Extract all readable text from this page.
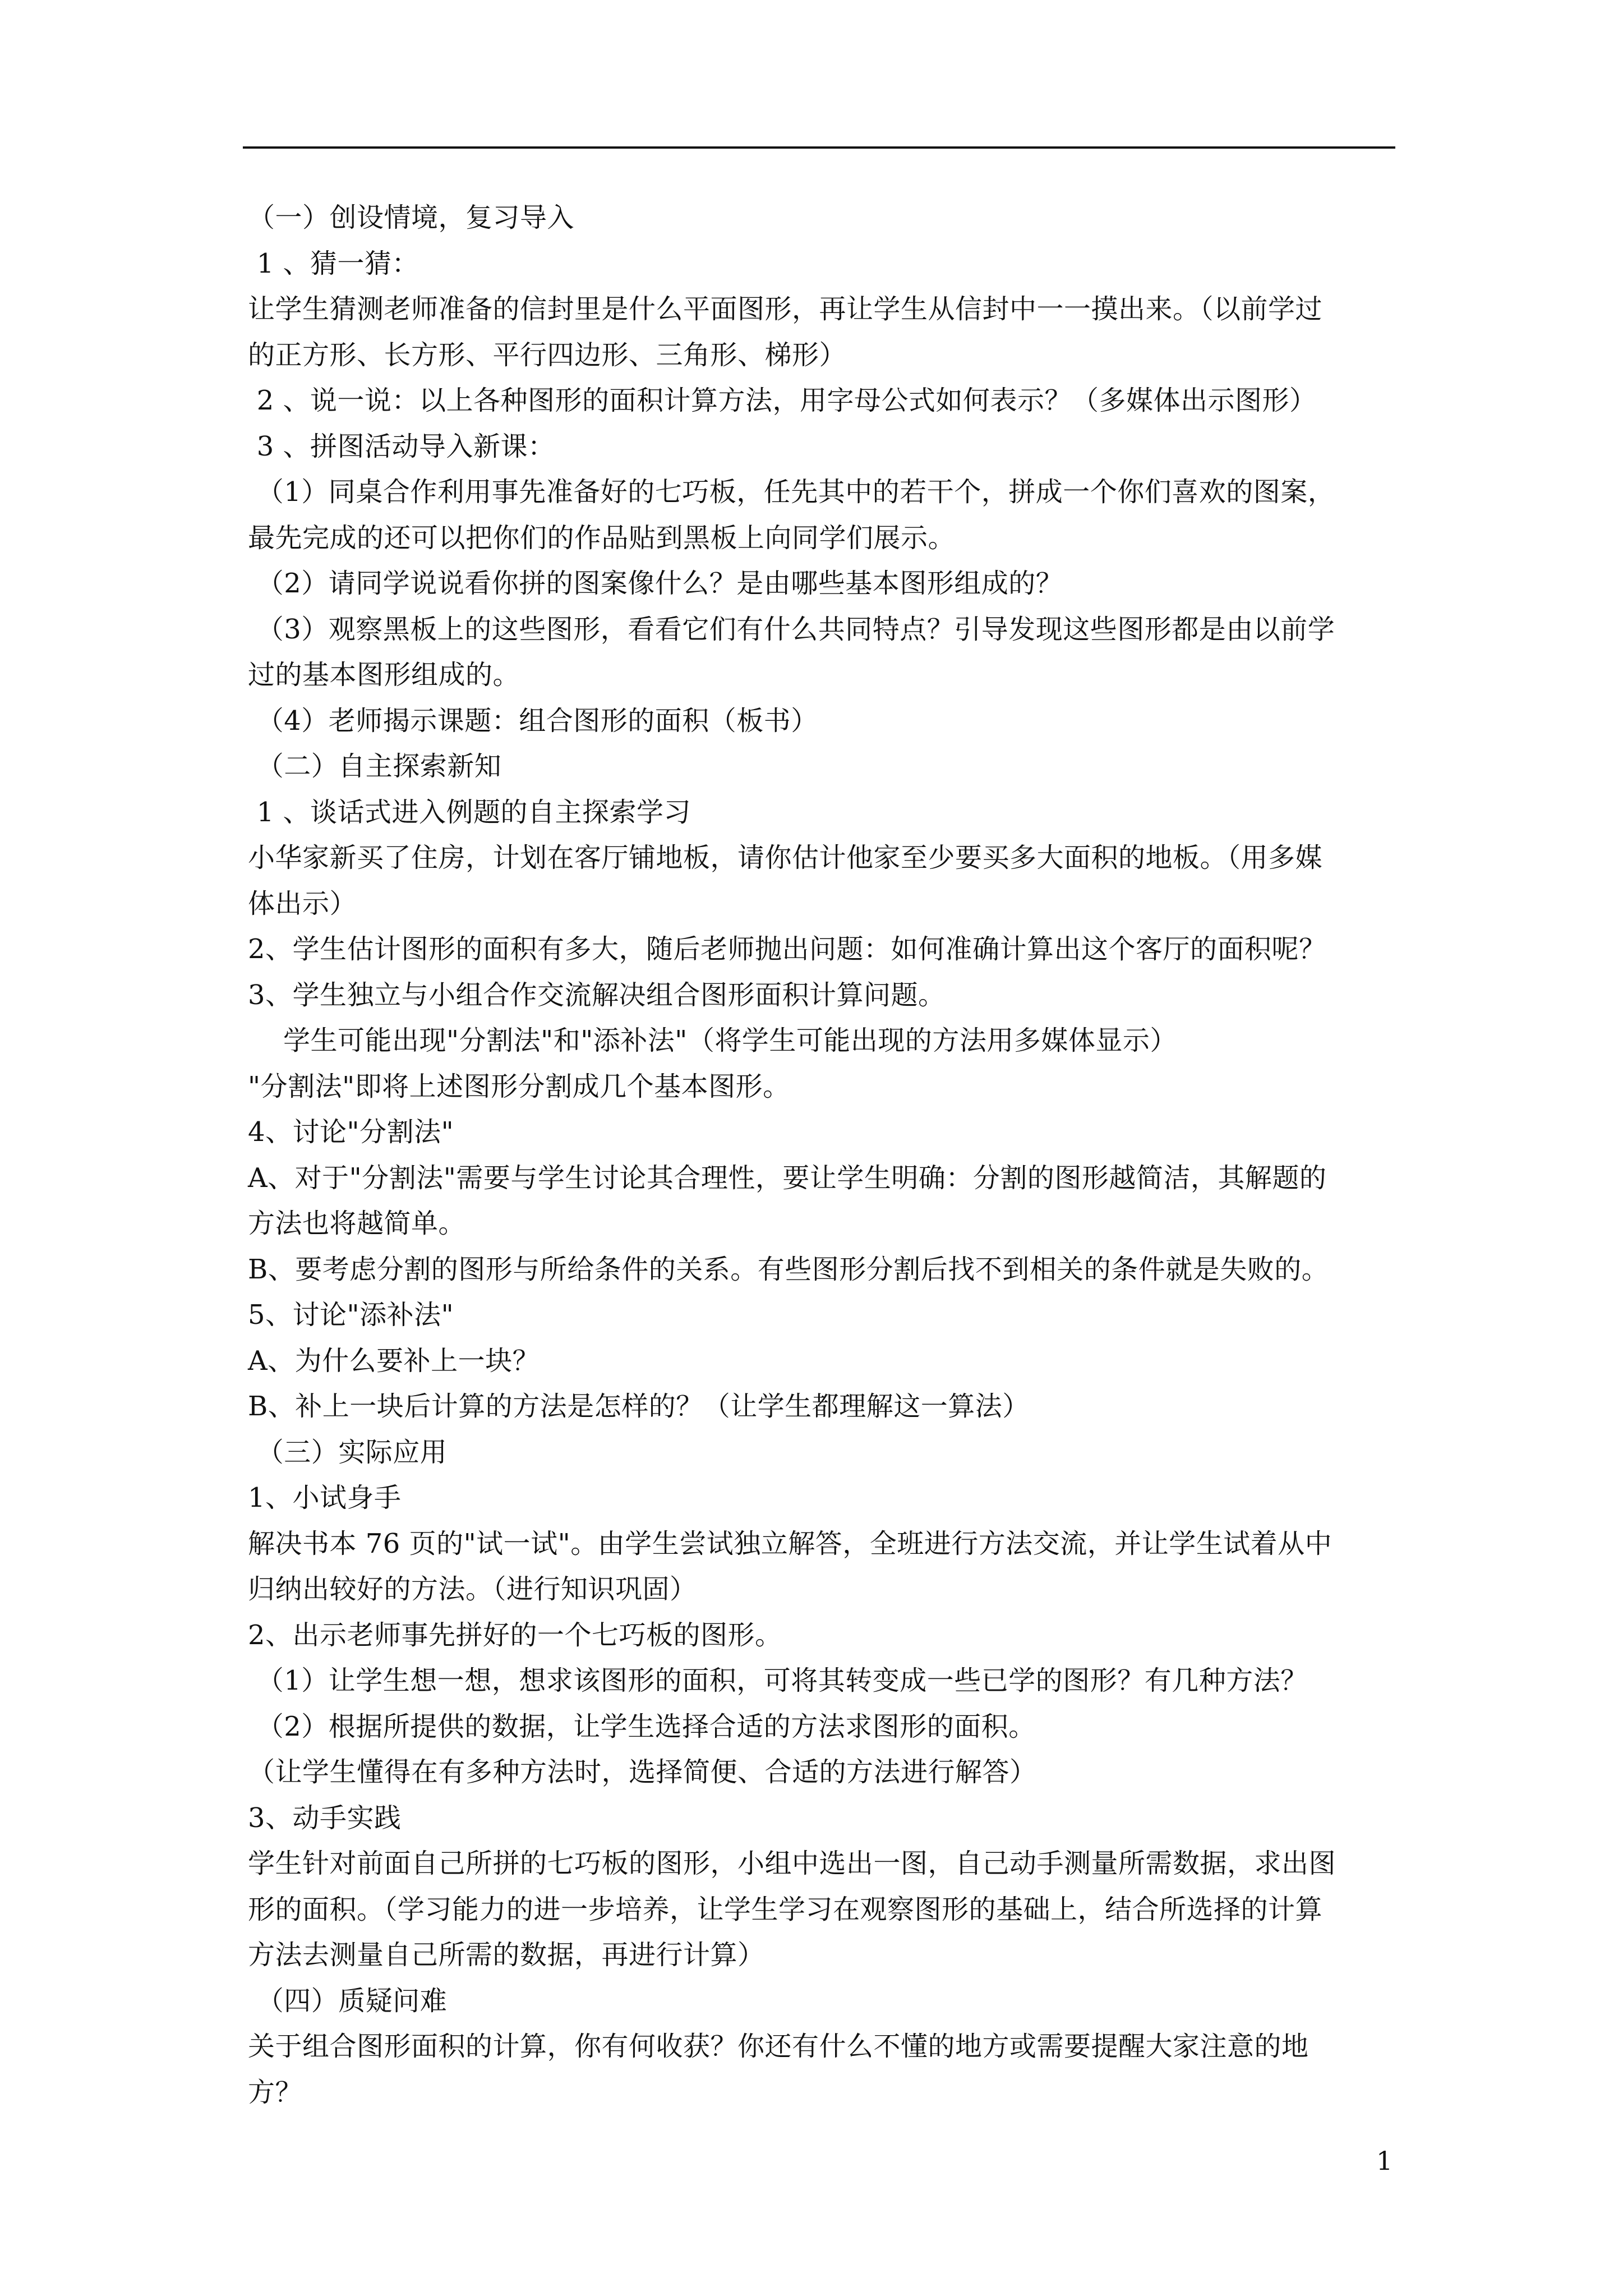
（一）创设情境，复习导入
1 、猜一猜：
让学生猜测老师准备的信封里是什么平面图形，再让学生从信封中一一摸出来。（以前学过
的正方形、长方形、平行四边形、三角形、梯形）
2 、说一说：以上各种图形的面积计算方法，用字母公式如何表示？（多媒体出示图形）
3 、拼图活动导入新课：
（1）同桌合作利用事先准备好的七巧板，任先其中的若干个，拼成一个你们喜欢的图案，
最先完成的还可以把你们的作品贴到黑板上向同学们展示。
（2）请同学说说看你拼的图案像什么？是由哪些基本图形组成的？
（3）观察黑板上的这些图形，看看它们有什么共同特点？引导发现这些图形都是由以前学
过的基本图形组成的。
（4）老师揭示课题：组合图形的面积（板书）
（二）自主探索新知
1 、谈话式进入例题的自主探索学习
小华家新买了住房，计划在客厅铺地板，请你估计他家至少要买多大面积的地板。（用多媒
体出示）
2、学生估计图形的面积有多大，随后老师抛出问题：如何准确计算出这个客厅的面积呢？
3、学生独立与小组合作交流解决组合图形面积计算问题。
学生可能出现"分割法"和"添补法"（将学生可能出现的方法用多媒体显示）
"分割法"即将上述图形分割成几个基本图形。
4、讨论"分割法"
A、对于"分割法"需要与学生讨论其合理性，要让学生明确：分割的图形越简洁，其解题的
方法也将越简单。
B、要考虑分割的图形与所给条件的关系。有些图形分割后找不到相关的条件就是失败的。
5、讨论"添补法"
A、为什么要补上一块？
B、补上一块后计算的方法是怎样的？（让学生都理解这一算法）
（三）实际应用
1、小试身手
解决书本 76 页的"试一试"。由学生尝试独立解答，全班进行方法交流，并让学生试着从中
归纳出较好的方法。（进行知识巩固）
2、出示老师事先拼好的一个七巧板的图形。
（1）让学生想一想，想求该图形的面积，可将其转变成一些已学的图形？有几种方法？
（2）根据所提供的数据，让学生选择合适的方法求图形的面积。
（让学生懂得在有多种方法时，选择简便、合适的方法进行解答）
3、动手实践
学生针对前面自己所拼的七巧板的图形，小组中选出一图，自己动手测量所需数据，求出图
形的面积。（学习能力的进一步培养，让学生学习在观察图形的基础上，结合所选择的计算
方法去测量自己所需的数据，再进行计算）
（四）质疑问难
关于组合图形面积的计算，你有何收获？你还有什么不懂的地方或需要提醒大家注意的地
方？
1
